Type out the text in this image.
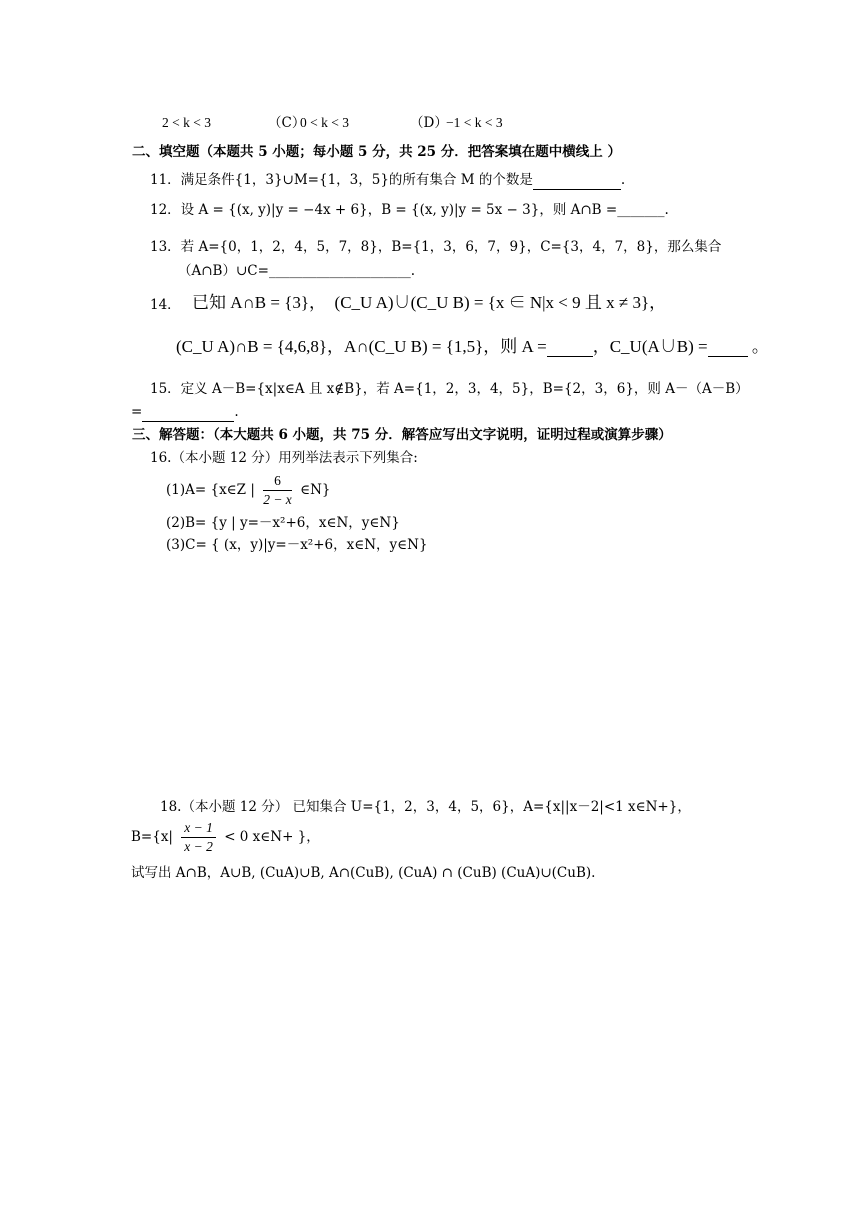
2 < k < 3	（C）
0 < k < 3	（D）
−1 < k < 3
二、填空题（本题共 5 小题；每小题 5 分，共 25 分．把答案填在题中横线上 ）
11．满足条件{1，3}∪M={1，3，5}的所有集合 M 的个数是	.
12．设 A = {(x, y)|y = −4x + 6}，B = {(x, y)|y = 5x − 3}，则 A∩B =_______.
13．若 A={0，1，2，4，5，7，8}，B={1，3，6，7，9}，C={3，4，7，8}，那么集合
（A∩B）∪C=_____________________.
14． 已知 A∩B = {3}，　(C_U A)∪(C_U B) = {x ∈ N|x < 9 且 x ≠ 3}，
(C_U A)∩B = {4,6,8}，A∩(C_U B) = {1,5}，则 A =	，C_U(A∪B) =	。
15．定义 A－B={x|x∈A 且 x∉B}，若 A={1，2，3，4，5}，B={2，3，6}，则 A－（A－B）
=	.
三、解答题：（本大题共 6 小题，共 75 分．解答应写出文字说明，证明过程或演算步骤）
16.（本小题 12 分）用列举法表示下列集合:
(1)A= {x∈Z | $\frac{6}{2 - x}$ ∈N}
(2)B= {y | y=－x²+6，x∈N，y∈N}
(3)C= { (x，y)|y=－x²+6，x∈N，y∈N}
18.（本小题 12 分） 已知集合 U={1，2，3，4，5，6}，A={x||x－2|<1 x∈N+}，
$B=\{x| \frac{x - 1}{x - 2} < 0$ x∈N+ }，
试写出 A∩B，A∪B, (CuA)∪B, A∩(CuB), (CuA) ∩ (CuB) (CuA)∪(CuB).
